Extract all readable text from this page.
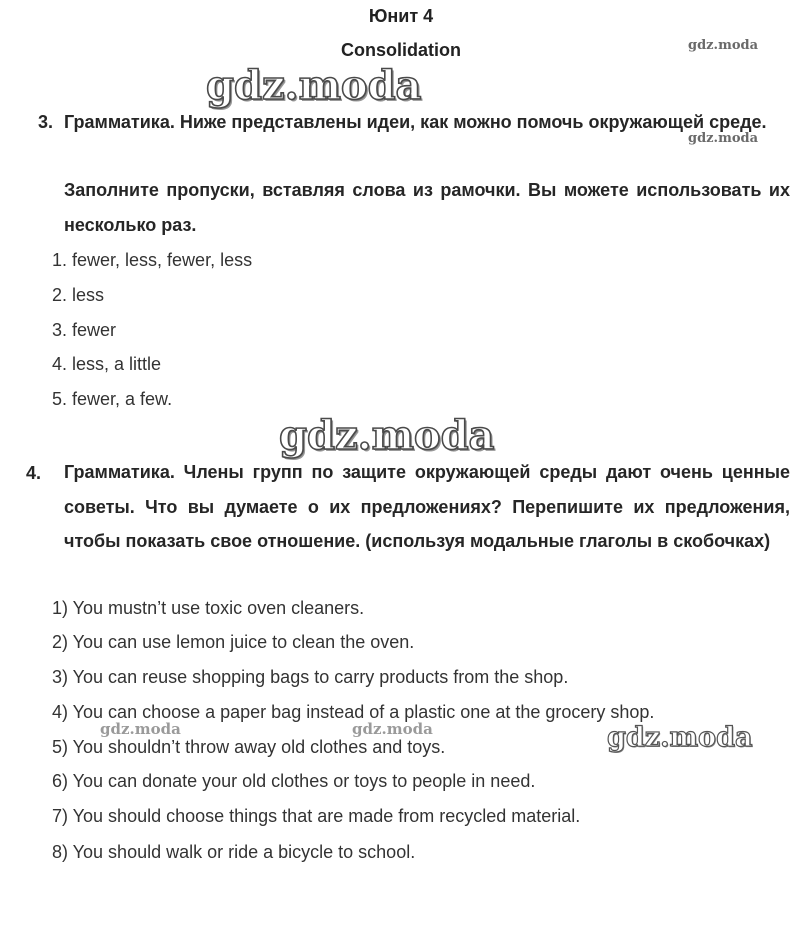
Юнит 4
Consolidation	gdz.moda
gdz.moda
gdz.moda
gdz.moda
gdz.moda	gdz.moda	gdz.moda
3. Грамматика. Ниже представлены идеи, как можно помочь окружающей среде.
Заполните пропуски, вставляя слова из рамочки. Вы можете использовать их несколько раз.
1. fewer, less, fewer, less
2. less
3. fewer
4. less, a little
5. fewer, a few.
4. Грамматика. Члены групп по защите окружающей среды дают очень ценные советы. Что вы думаете о их предложениях? Перепишите их предложения, чтобы показать свое отношение. (используя модальные глаголы в скобочках)
1) You mustn’t use toxic oven cleaners.
2) You can use lemon juice to clean the oven.
3) You can reuse shopping bags to carry products from the shop.
4) You can choose a paper bag instead of a plastic one at the grocery shop.
5) You shouldn’t throw away old clothes and toys.
6) You can donate your old clothes or toys to people in need.
7) You should choose things that are made from recycled material.
8) You should walk or ride a bicycle to school.
